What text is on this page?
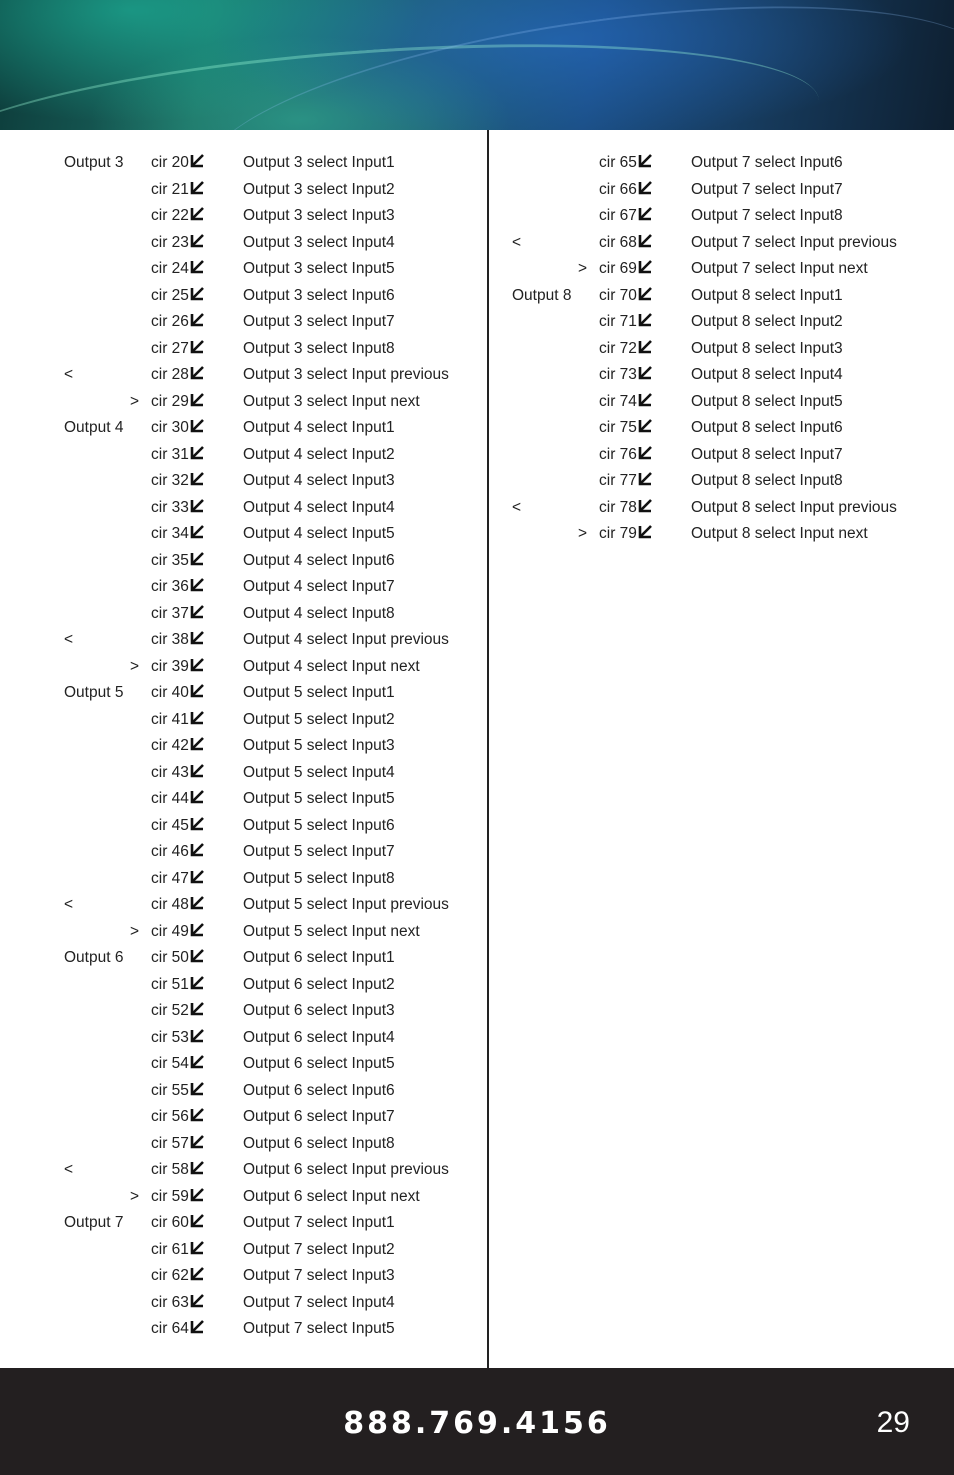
Output 3 cir 20	Output 3 select Input1
cir 21	Output 3 select Input2
cir 22	Output 3 select Input3
cir 23	Output 3 select Input4
cir 24	Output 3 select Input5
cir 25	Output 3 select Input6
cir 26	Output 3 select Input7
cir 27	Output 3 select Input8
<	cir 28	Output 3 select Input previous
> cir 29	Output 3 select Input next
Output 4 cir 30	Output 4 select Input1
cir 31	Output 4 select Input2
cir 32	Output 4 select Input3
cir 33	Output 4 select Input4
cir 34	Output 4 select Input5
cir 35	Output 4 select Input6
cir 36	Output 4 select Input7
cir 37	Output 4 select Input8
<	cir 38	Output 4 select Input previous
> cir 39	Output 4 select Input next
Output 5 cir 40	Output 5 select Input1
cir 41	Output 5 select Input2
cir 42	Output 5 select Input3
cir 43	Output 5 select Input4
cir 44	Output 5 select Input5
cir 45	Output 5 select Input6
cir 46	Output 5 select Input7
cir 47	Output 5 select Input8
<	cir 48	Output 5 select Input previous
> cir 49	Output 5 select Input next
Output 6 cir 50	Output 6 select Input1
cir 51	Output 6 select Input2
cir 52	Output 6 select Input3
cir 53	Output 6 select Input4
cir 54	Output 6 select Input5
cir 55	Output 6 select Input6
cir 56	Output 6 select Input7
cir 57	Output 6 select Input8
<	cir 58	Output 6 select Input previous
> cir 59	Output 6 select Input next
Output 7 cir 60	Output 7 select Input1
cir 61	Output 7 select Input2
cir 62	Output 7 select Input3
cir 63	Output 7 select Input4
cir 64	Output 7 select Input5
cir 65	Output 7 select Input6
cir 66	Output 7 select Input7
cir 67	Output 7 select Input8
<	cir 68	Output 7 select Input previous
> cir 69	Output 7 select Input next
Output 8 cir 70	Output 8 select Input1
cir 71	Output 8 select Input2
cir 72	Output 8 select Input3
cir 73	Output 8 select Input4
cir 74	Output 8 select Input5
cir 75	Output 8 select Input6
cir 76	Output 8 select Input7
cir 77	Output 8 select Input8
<	cir 78	Output 8 select Input previous
> cir 79	Output 8 select Input next
888.769.4156	29
